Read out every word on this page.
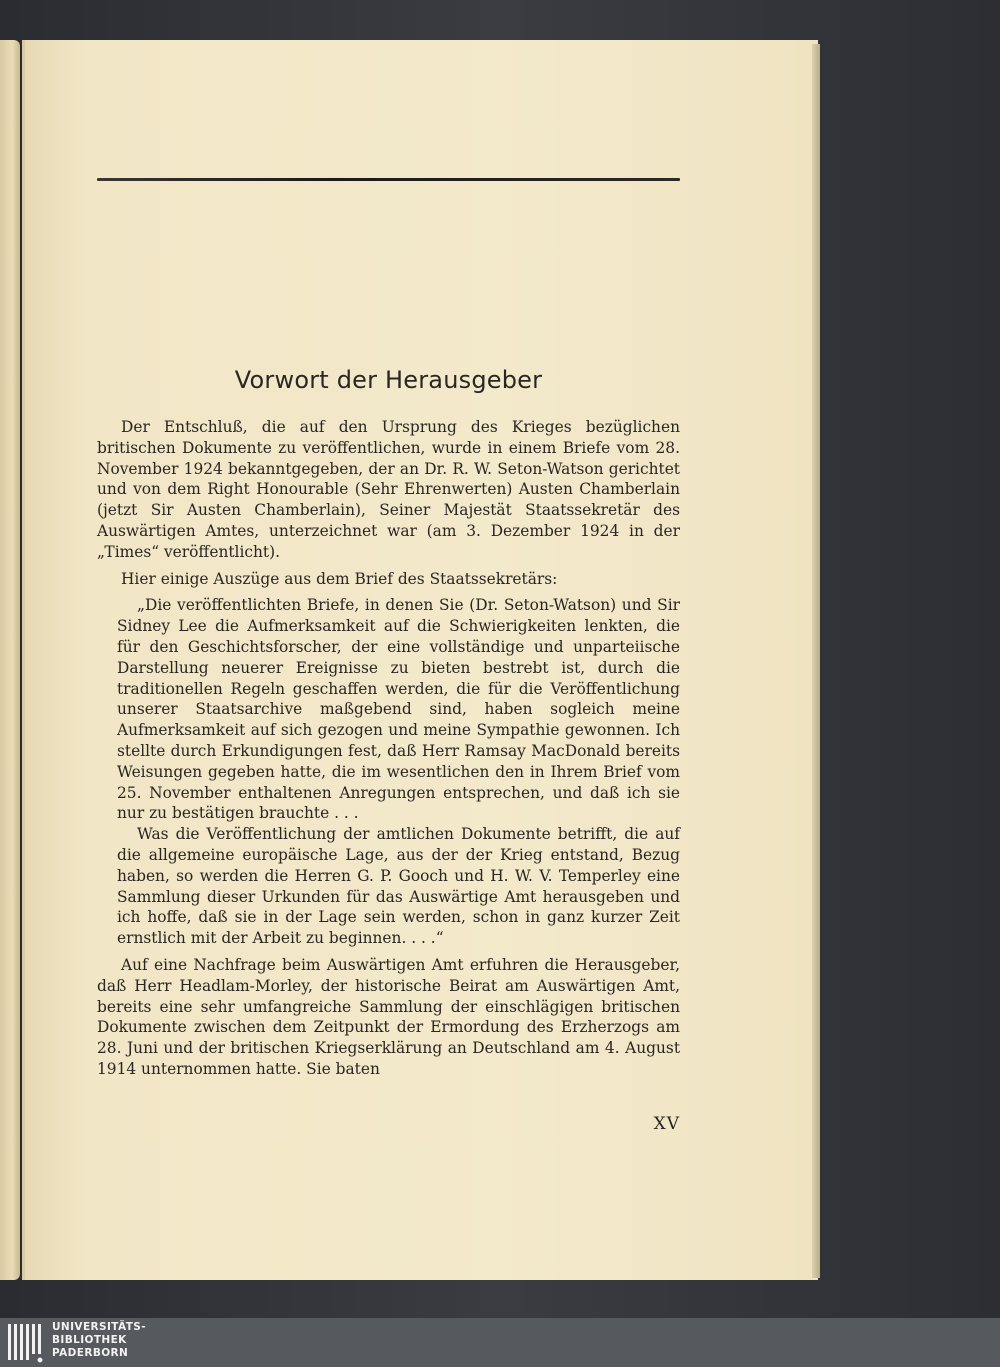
Vorwort der Herausgeber

Der Entschluß, die auf den Ursprung des Krieges bezüglichen britischen Dokumente zu veröffentlichen, wurde in einem Briefe vom 28. November 1924 bekanntgegeben, der an Dr. R. W. Seton-Watson gerichtet und von dem Right Honourable (Sehr Ehrenwerten) Austen Chamberlain (jetzt Sir Austen Chamberlain), Seiner Majestät Staatssekretär des Auswärtigen Amtes, unterzeichnet war (am 3. Dezember 1924 in der „Times“ veröffentlicht).

Hier einige Auszüge aus dem Brief des Staatssekretärs:

„Die veröffentlichten Briefe, in denen Sie (Dr. Seton-Watson) und Sir Sidney Lee die Aufmerksamkeit auf die Schwierigkeiten lenkten, die für den Geschichtsforscher, der eine vollständige und unparteiische Darstellung neuerer Ereignisse zu bieten bestrebt ist, durch die traditionellen Regeln geschaffen werden, die für die Veröffentlichung unserer Staatsarchive maßgebend sind, haben sogleich meine Aufmerksamkeit auf sich gezogen und meine Sympathie gewonnen. Ich stellte durch Erkundigungen fest, daß Herr Ramsay MacDonald bereits Weisungen gegeben hatte, die im wesentlichen den in Ihrem Brief vom 25. November enthaltenen Anregungen entsprechen, und daß ich sie nur zu bestätigen brauchte . . .

Was die Veröffentlichung der amtlichen Dokumente betrifft, die auf die allgemeine europäische Lage, aus der der Krieg entstand, Bezug haben, so werden die Herren G. P. Gooch und H. W. V. Temperley eine Sammlung dieser Urkunden für das Auswärtige Amt herausgeben und ich hoffe, daß sie in der Lage sein werden, schon in ganz kurzer Zeit ernstlich mit der Arbeit zu beginnen. . . .“

Auf eine Nachfrage beim Auswärtigen Amt erfuhren die Herausgeber, daß Herr Headlam-Morley, der historische Beirat am Auswärtigen Amt, bereits eine sehr umfangreiche Sammlung der einschlägigen britischen Dokumente zwischen dem Zeitpunkt der Ermordung des Erzherzogs am 28. Juni und der britischen Kriegserklärung an Deutschland am 4. August 1914 unternommen hatte. Sie baten

XV
UNIVERSITÄTS-
BIBLIOTHEK
PADERBORN
